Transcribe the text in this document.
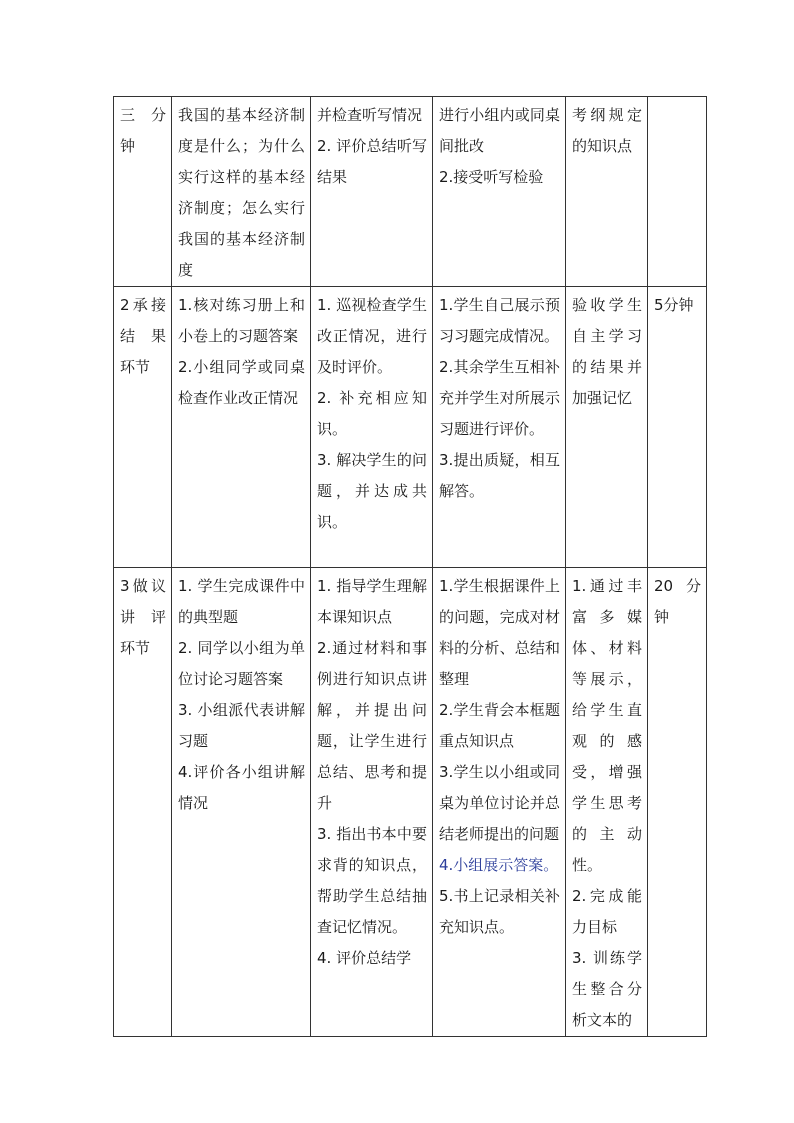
三 分 钟	我国的基本经济制度是什么；为什么实行这样的基本经济制度；怎么实行我国的基本经济制度	并检查听写情况
2. 评价总结听写结果	进行小组内或同桌间批改
2.接受听写检验	考纲规定的知识点	

2承接结 果环节	1.核对练习册上和小卷上的习题答案
2.小组同学或同桌检查作业改正情况	1. 巡视检查学生改正情况，进行及时评价。
2. 补充相应知识。
3. 解决学生的问题，并达成共识。	1.学生自己展示预习习题完成情况。
2.其余学生互相补充并学生对所展示习题进行评价。
3.提出质疑，相互解答。	验收学生自主学习的结果并加强记忆	5分钟

3做议讲 评环节	1. 学生完成课件中的典型题
2. 同学以小组为单位讨论习题答案
3. 小组派代表讲解习题
4.评价各小组讲解情况	1. 指导学生理解本课知识点
2.通过材料和事例进行知识点讲解，并提出问题，让学生进行总结、思考和提升
3. 指出书本中要求背的知识点，帮助学生总结抽查记忆情况。
4. 评价总结学	1.学生根据课件上的问题，完成对材料的分析、总结和整理
2.学生背会本框题重点知识点
3.学生以小组或同桌为单位讨论并总结老师提出的问题
4.小组展示答案。
5.书上记录相关补充知识点。	1.通过丰富多媒体、材料等展示，给学生直观的感受，增强学生思考的主动性。
2.完成能力目标
3. 训练学生整合分析文本的	20 分钟
